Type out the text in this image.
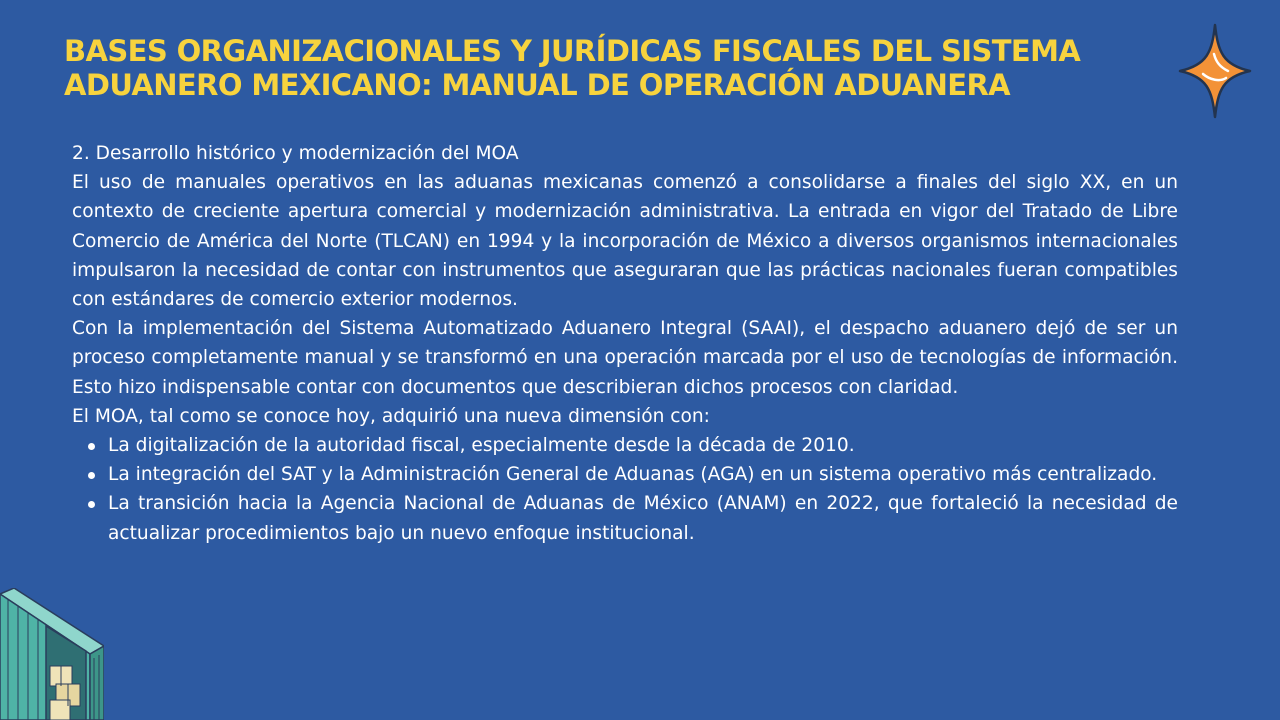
BASES ORGANIZACIONALES Y JURÍDICAS FISCALES DEL SISTEMA
ADUANERO MEXICANO: MANUAL DE OPERACIÓN ADUANERA

2. Desarrollo histórico y modernización del MOA

El uso de manuales operativos en las aduanas mexicanas comenzó a consolidarse a finales del siglo XX, en un contexto de creciente apertura comercial y modernización administrativa. La entrada en vigor del Tratado de Libre Comercio de América del Norte (TLCAN) en 1994 y la incorporación de México a diversos organismos internacionales impulsaron la necesidad de contar con instrumentos que aseguraran que las prácticas nacionales fueran compatibles con estándares de comercio exterior modernos.

Con la implementación del Sistema Automatizado Aduanero Integral (SAAI), el despacho aduanero dejó de ser un proceso completamente manual y se transformó en una operación marcada por el uso de tecnologías de información. Esto hizo indispensable contar con documentos que describieran dichos procesos con claridad.

El MOA, tal como se conoce hoy, adquirió una nueva dimensión con:

La digitalización de la autoridad fiscal, especialmente desde la década de 2010.
La integración del SAT y la Administración General de Aduanas (AGA) en un sistema operativo más centralizado.
La transición hacia la Agencia Nacional de Aduanas de México (ANAM) en 2022, que fortaleció la necesidad de actualizar procedimientos bajo un nuevo enfoque institucional.
